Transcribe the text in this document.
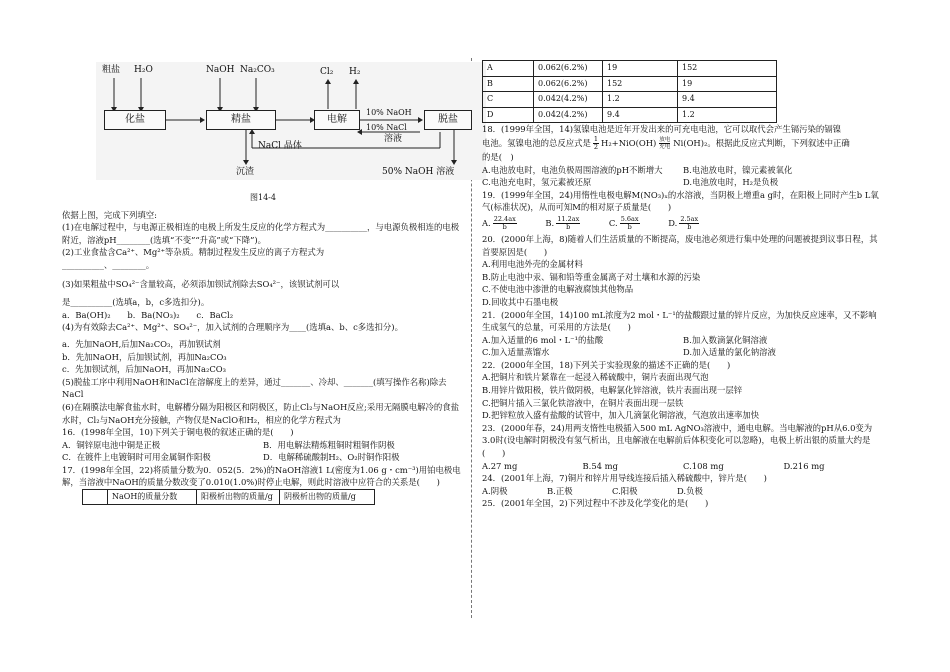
粗盐 H₂O	NaOH Na₂CO₃	Cl₂ H₂
化盐	精盐	电解	脱盐
10% NaOH
10% NaCl
溶液
NaCl 晶体
沉渣	50% NaOH 溶液
图14-4

依据上图，完成下列填空:

(1)在电解过程中，与电源正极相连的电极上所发生反应的化学方程式为__________，与电源负极相连的电极附近，溶液pH________(选填“不变”“升高”或“下降”)。

(2)工业食盐含Ca²⁺、Mg²⁺等杂质。精制过程发生反应的离子方程式为

__________、________。

(3)如果粗盐中SO₄²⁻含量较高，必须添加钡试剂除去SO₄²⁻，该钡试剂可以

是__________(选填a，b，c多选扣分)。

a．Ba(OH)₂　　b．Ba(NO₃)₂　　c．BaCl₂

(4)为有效除去Ca²⁺、Mg²⁺、SO₄²⁻，加入试剂的合理顺序为____(选填a、b、c多选扣分)。

a．先加NaOH,后加Na₂CO₃，再加钡试剂

b．先加NaOH，后加钡试剂，再加Na₂CO₃

c．先加钡试剂，后加NaOH，再加Na₂CO₃

(5)脱盐工序中利用NaOH和NaCl在溶解度上的差异，通过_______、冷却、_______(填写操作名称)除去NaCl

(6)在隔膜法电解食盐水时，电解槽分隔为阳极区和阴极区，防止Cl₂与NaOH反应;采用无隔膜电解冷的食盐水时，Cl₂与NaOH充分接触，产物仅是NaClO和H₂，相应的化学方程式为

16．(1998年全国，10)下列关于铜电极的叙述正确的是(　　)

A．铜锌原电池中铜是正极	B．用电解法精炼粗铜时粗铜作阴极
C．在镀件上电镀铜时可用金属铜作阳极	D．电解稀硫酸制H₂、O₂时铜作阳极

17．(1998年全国，22)将质量分数为0．052(5．2%)的NaOH溶液1 L(密度为1.06 g・cm⁻³)用铂电极电解，当溶液中NaOH的质量分数改变了0.010(1.0%)时停止电解，则此时溶液中应符合的关系是(　　)

	NaOH的质量分数	阳极析出物的质量/g	阴极析出物的质量/g
A	0.062(6.2%)	19	152
B	0.062(6.2%)	152	19
C	0.042(4.2%)	1.2	9.4
D	0.042(4.2%)	9.4	1.2

18．(1999年全国，14)氢镍电池是近年开发出来的可充电电池，它可以取代会产生镉污染的镉镍

电池。氢镍电池的总反应式是 $\frac{1}{2} H_2+NiO(OH)$ 放电
充电 Ni(OH)₂。根据此反应式判断，下列叙述中正确

的是(　)

A.电池放电时，电池负极周围溶液的pH不断增大	B.电池放电时，镍元素被氧化
C.电池充电时，氢元素被还原	D.电池放电时，H₂是负极

19．(1999年全国，24)用惰性电极电解M(NO₃)ₓ的水溶液，当阴极上增重a g时，在阳极上同时产生b L氧气(标准状况)，从而可知M的相对原子质量是(　　)

A. $\frac{22.4ax}{b}$	B. $\frac{11.2ax}{b}$	C. $\frac{5.6ax}{b}$	D. $\frac{2.5ax}{b}$

20．(2000年上海，8)随着人们生活质量的不断提高，废电池必须进行集中处理的问题被提到议事日程，其首要原因是(　　)

A.利用电池外壳的金属材料

B.防止电池中汞、镉和铅等重金属离子对土壤和水源的污染

C.不使电池中渗泄的电解液腐蚀其他物品

D.回收其中石墨电极

21．(2000年全国，14)100 mL浓度为2 mol・L⁻¹的盐酸跟过量的锌片反应，为加快反应速率，又不影响生成氢气的总量，可采用的方法是(　　)

A.加入适量的6 mol・L⁻¹的盐酸	B.加入数滴氯化铜溶液
C.加入适量蒸馏水	D.加入适量的氯化钠溶液

22．(2000年全国，18)下列关于实验现象的描述不正确的是(　　)

A.把铜片和铁片紧靠在一起浸入稀硫酸中，铜片表面出现气泡

B.用锌片做阳极，铁片做阴极，电解氯化锌溶液，铁片表面出现一层锌

C.把铜片插入三氯化铁溶液中，在铜片表面出现一层铁

D.把锌粒放入盛有盐酸的试管中，加入几滴氯化铜溶液，气泡放出速率加快

23．(2000年春，24)用两支惰性电极插入500 mL AgNO₃溶液中，通电电解。当电解液的pH从6.0变为3.0时(设电解时阴极没有氢气析出，且电解液在电解前后体积变化可以忽略)，电极上析出银的质量大约是(　　)

A.27 mg	B.54 mg	C.108 mg	D.216 mg

24．(2001年上海，7)铜片和锌片用导线连接后插入稀硫酸中，锌片是(　　)

A.阴极	B.正极	C.阳极	D.负极

25．(2001年全国，2)下列过程中不涉及化学变化的是(　　)
